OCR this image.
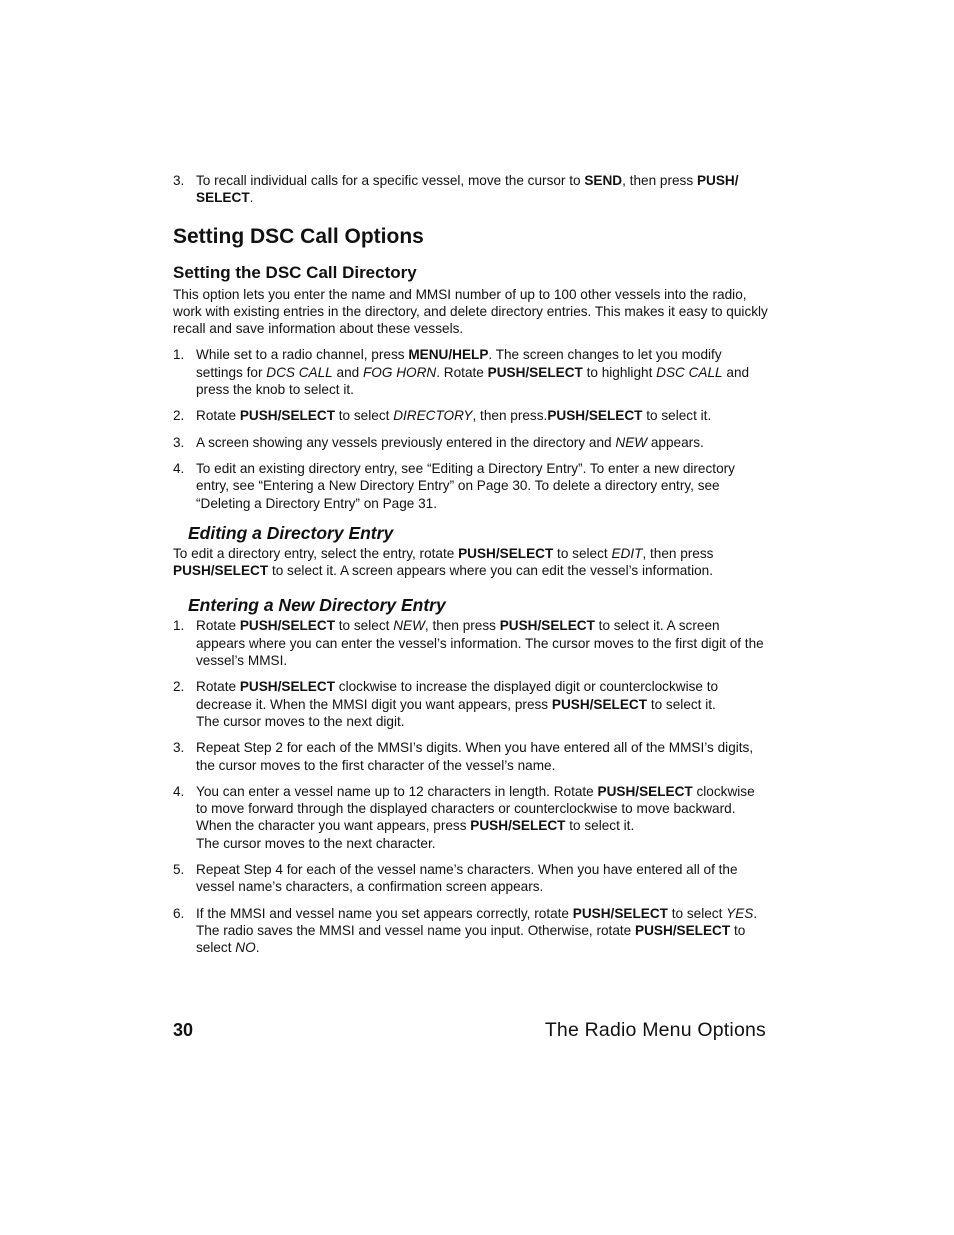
3. To recall individual calls for a specific vessel, move the cursor to SEND, then press PUSH/ SELECT.
Setting DSC Call Options
Setting the DSC Call Directory
This option lets you enter the name and MMSI number of up to 100 other vessels into the radio, work with existing entries in the directory, and delete directory entries. This makes it easy to quickly recall and save information about these vessels.
1. While set to a radio channel, press MENU/HELP. The screen changes to let you modify settings for DCS CALL and FOG HORN. Rotate PUSH/SELECT to highlight DSC CALL and press the knob to select it.
2. Rotate PUSH/SELECT to select DIRECTORY, then press.PUSH/SELECT to select it.
3. A screen showing any vessels previously entered in the directory and NEW appears.
4. To edit an existing directory entry, see “Editing a Directory Entry”. To enter a new directory entry, see “Entering a New Directory Entry” on Page 30. To delete a directory entry, see “Deleting a Directory Entry” on Page 31.
Editing a Directory Entry
To edit a directory entry, select the entry, rotate PUSH/SELECT to select EDIT, then press PUSH/SELECT to select it. A screen appears where you can edit the vessel’s information.
Entering a New Directory Entry
1. Rotate PUSH/SELECT to select NEW, then press PUSH/SELECT to select it. A screen appears where you can enter the vessel’s information. The cursor moves to the first digit of the vessel’s MMSI.
2. Rotate PUSH/SELECT clockwise to increase the displayed digit or counterclockwise to decrease it. When the MMSI digit you want appears, press PUSH/SELECT to select it.
The cursor moves to the next digit.
3. Repeat Step 2 for each of the MMSI’s digits. When you have entered all of the MMSI’s digits, the cursor moves to the first character of the vessel’s name.
4. You can enter a vessel name up to 12 characters in length. Rotate PUSH/SELECT clockwise to move forward through the displayed characters or counterclockwise to move backward. When the character you want appears, press PUSH/SELECT to select it.
The cursor moves to the next character.
5. Repeat Step 4 for each of the vessel name’s characters. When you have entered all of the vessel name’s characters, a confirmation screen appears.
6. If the MMSI and vessel name you set appears correctly, rotate PUSH/SELECT to select YES. The radio saves the MMSI and vessel name you input. Otherwise, rotate PUSH/SELECT to select NO.
30	The Radio Menu Options
